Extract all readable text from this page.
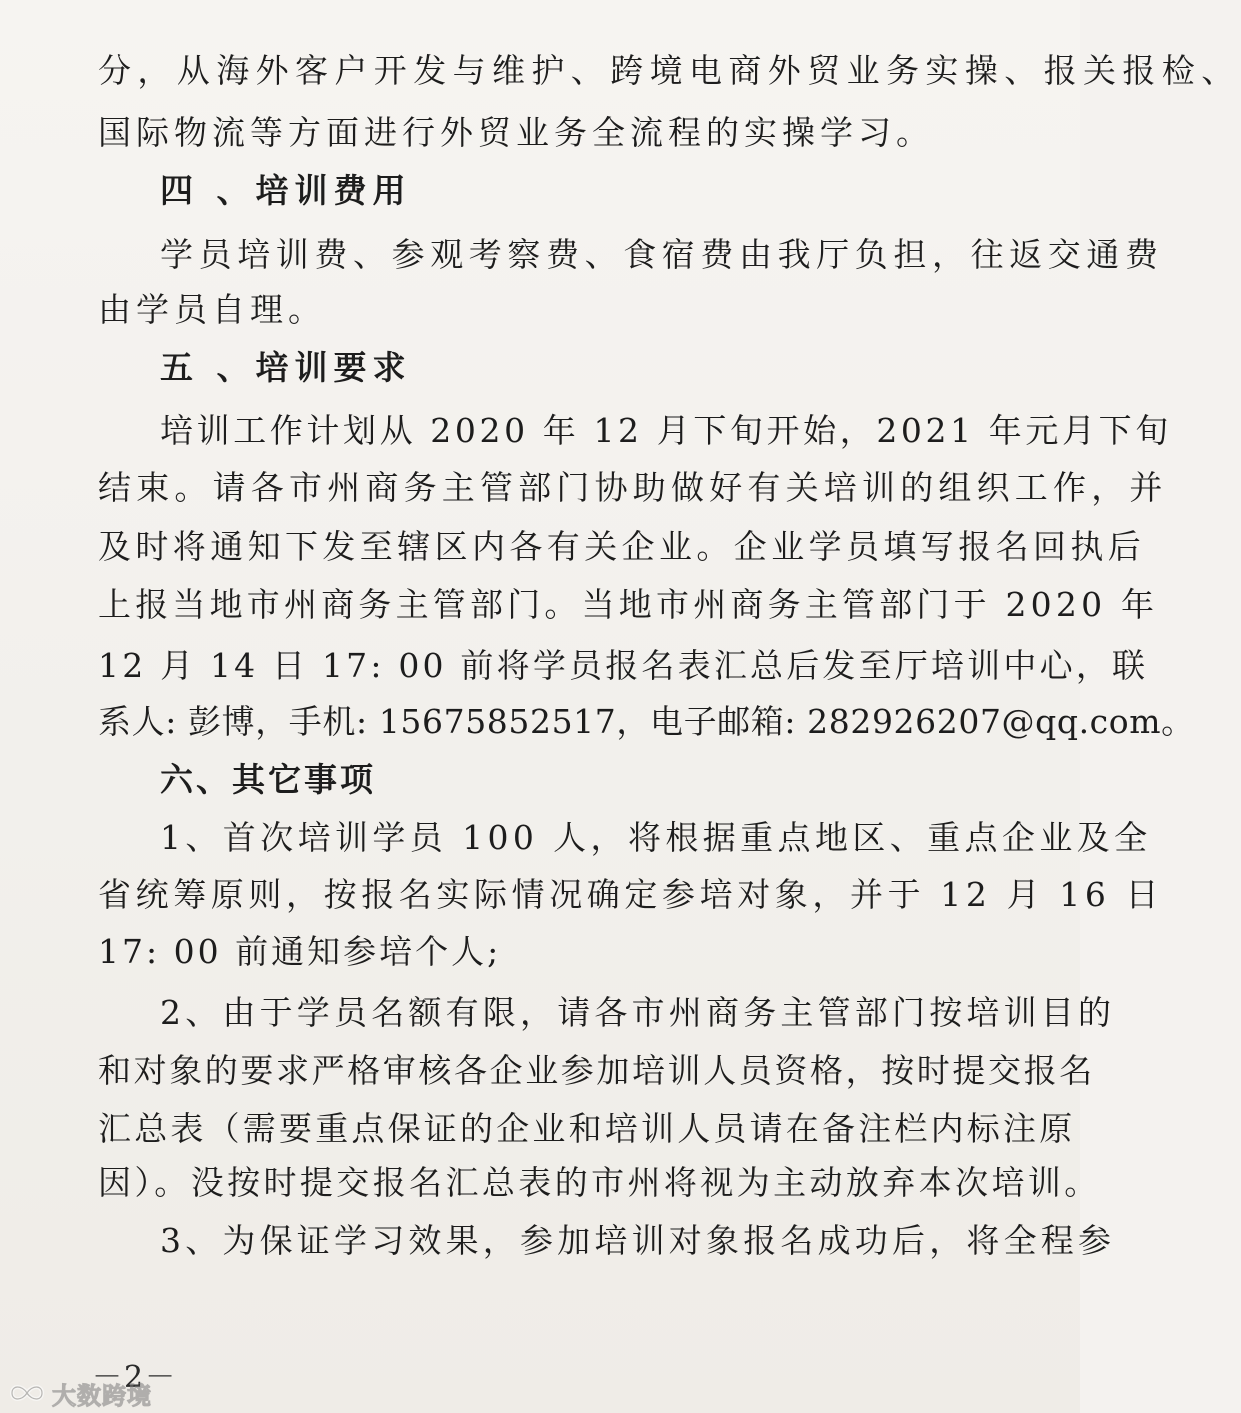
分，从海外客户开发与维护、跨境电商外贸业务实操、报关报检、
国际物流等方面进行外贸业务全流程的实操学习。
四 、培训费用
学员培训费、参观考察费、食宿费由我厅负担，往返交通费
由学员自理。
五 、培训要求
培训工作计划从 2020 年 12 月下旬开始，2021 年元月下旬
结束。请各市州商务主管部门协助做好有关培训的组织工作，并
及时将通知下发至辖区内各有关企业。企业学员填写报名回执后
上报当地市州商务主管部门。当地市州商务主管部门于 2020 年
12 月 14 日 17: 00 前将学员报名表汇总后发至厅培训中心，联
系人: 彭博，手机: 15675852517，电子邮箱: 282926207@qq.com。
六、其它事项
1、首次培训学员 100 人，将根据重点地区、重点企业及全
省统筹原则，按报名实际情况确定参培对象，并于 12 月 16 日
17: 00 前通知参培个人;
2、由于学员名额有限，请各市州商务主管部门按培训目的
和对象的要求严格审核各企业参加培训人员资格，按时提交报名
汇总表（需要重点保证的企业和培训人员请在备注栏内标注原
因）。没按时提交报名汇总表的市州将视为主动放弃本次培训。
3、为保证学习效果，参加培训对象报名成功后，将全程参
－2－
大数跨境
